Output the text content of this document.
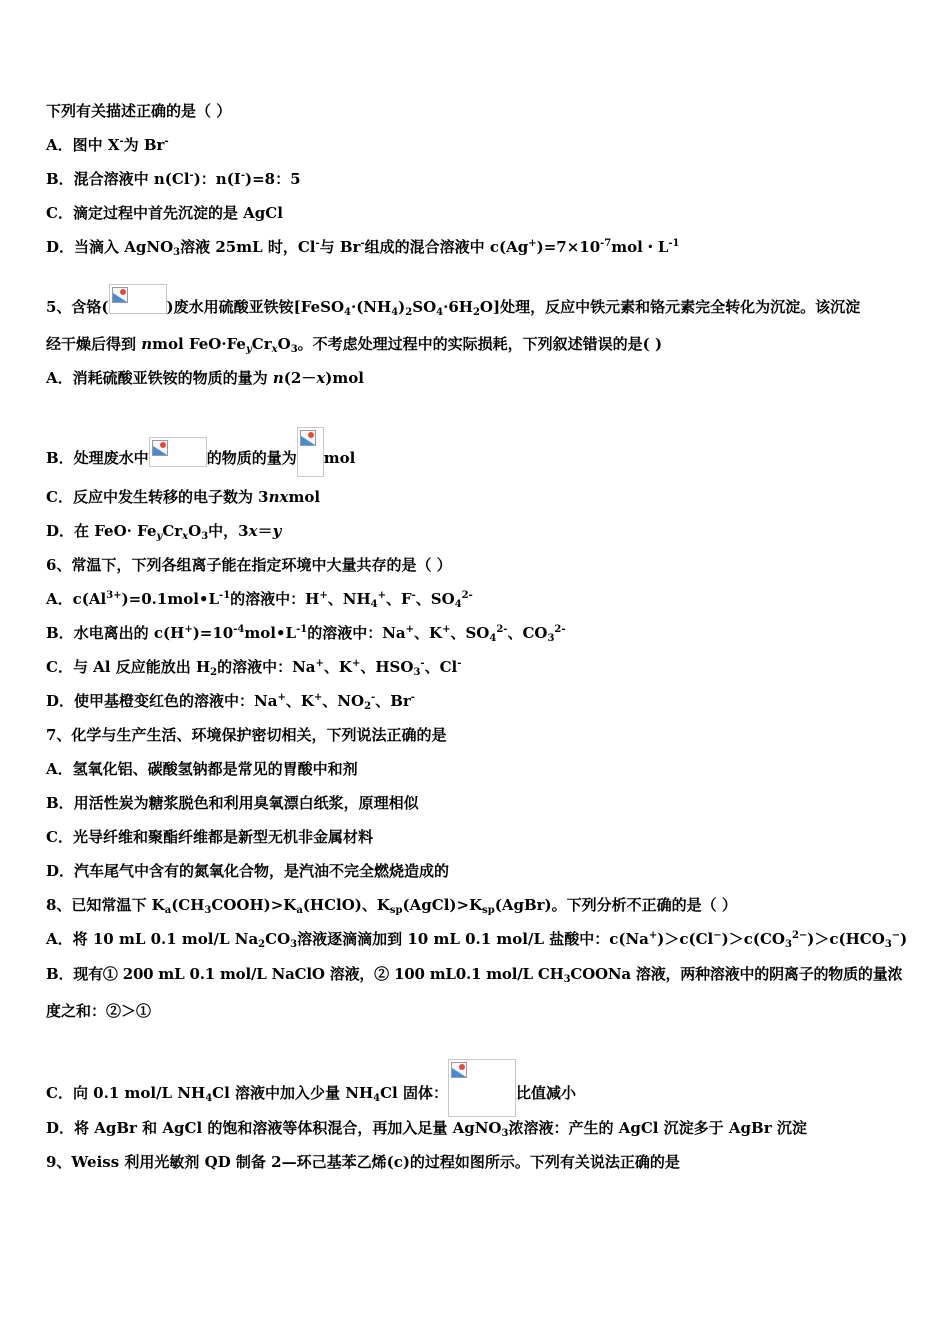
下列有关描述正确的是（ ）
A．图中 X-为 Br-
B．混合溶液中 n(Cl-)：n(I-)=8：5
C．滴定过程中首先沉淀的是 AgCl
D．当滴入 AgNO$_3$溶液 25mL 时，Cl-与 Br-组成的混合溶液中 $c(Ag^+)=7\times 10^{-7}mol$・$L^{-1}$
5、含铬(	)废水用硫酸亚铁铵$[FeSO_4\cdot(NH_4)_2SO_4\cdot 6H_2O]$处理，反应中铁元素和铬元素完全转化为沉淀。该沉淀
经干燥后得到 nmol $FeO\cdot Fe_yCr_xO_3$。不考虑处理过程中的实际损耗，下列叙述错误的是( )
A．消耗硫酸亚铁铵的物质的量为 n(2－x)mol
B．处理废水中	的物质的量为 mol
C．反应中发生转移的电子数为 3nxmol
D．在 $FeO\cdot Fe_yCr_xO_3$中，3x＝y
6、常温下，下列各组离子能在指定环境中大量共存的是（ ）
A．$c(Al^{3+})=0.1mol•L^{-1}$的溶液中：H+、$NH_4^+$、F-、$SO_4^{2-}$
B．水电离出的 $c(H^+)=10^{-4}mol•L^{-1}$的溶液中：Na+、K+、$SO_4^{2-}$、$CO_3^{2-}$
C．与 Al 反应能放出 $H_2$的溶液中：Na+、K+、$HSO_3^-$、Cl-
D．使甲基橙变红色的溶液中：Na+、K+、$NO_2^-$、Br-
7、化学与生产生活、环境保护密切相关，下列说法正确的是
A．氢氧化铝、碳酸氢钠都是常见的胃酸中和剂
B．用活性炭为糖浆脱色和利用臭氧漂白纸浆，原理相似
C．光导纤维和聚酯纤维都是新型无机非金属材料
D．汽车尾气中含有的氮氧化合物，是汽油不完全燃烧造成的
8、已知常温下 $K_a(CH_3COOH)>K_a(HClO)$、$K_{sp}(AgCl)>K_{sp}(AgBr)$。下列分析不正确的是（ ）
A．将 10 mL 0.1 mol/L $Na_2CO_3$溶液逐滴滴加到 10 mL 0.1 mol/L 盐酸中：$c(Na^+)>c(Cl^-)>c(CO_3^{2-})>c(HCO_3^-)$
B．现有① 200 mL 0.1 mol/L NaClO 溶液，② 100 mL0.1 mol/L $CH_3COONa$ 溶液，两种溶液中的阴离子的物质的量浓
度之和：②＞①
C．向 0.1 mol/L $NH_4Cl$ 溶液中加入少量 $NH_4Cl$ 固体：	比值减小
D．将 AgBr 和 AgCl 的饱和溶液等体积混合，再加入足量 AgNO$_3$浓溶液：产生的 AgCl 沉淀多于 AgBr 沉淀
9、Weiss 利用光敏剂 QD 制备 2—环己基苯乙烯(c)的过程如图所示。下列有关说法正确的是
